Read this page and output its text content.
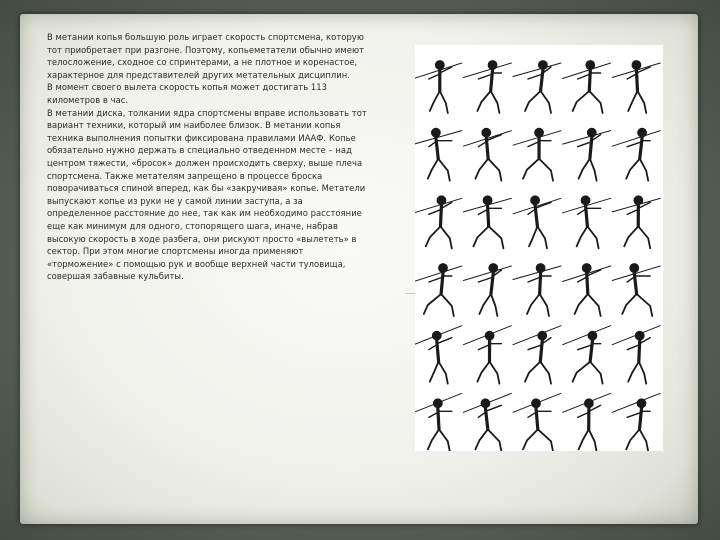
В метании копья большую роль играет скорость спортсмена, которую тот приобретает при разгоне. Поэтому, копьеметатели обычно имеют телосложение, сходное со спринтерами, а не плотное и коренастое, характерное для представителей других метательных дисциплин.

В момент своего вылета скорость копья может достигать 113 километров в час.

В метании диска, толкании ядра спортсмены вправе использовать тот вариант техники, который им наиболее близок. В метании копья техника выполнения попытки фиксирована правилами ИААФ. Копье обязательно нужно держать в специально отведенном месте – над центром тяжести, «бросок» должен происходить сверху, выше плеча спортсмена. Также метателям запрещено в процессе броска поворачиваться спиной вперед, как бы «закручивая» копье. Метатели выпускают копье из руки не у самой линии заступа, а за определенное расстояние до нее, так как им необходимо расстояние еще как минимум для одного, стопорящего шага, иначе, набрав высокую скорость в ходе разбега, они рискуют просто «вылететь» в сектор. При этом многие спортсмены иногда применяют «торможение» с помощью рук и вообще верхней части туловища, совершая забавные кульбиты.
